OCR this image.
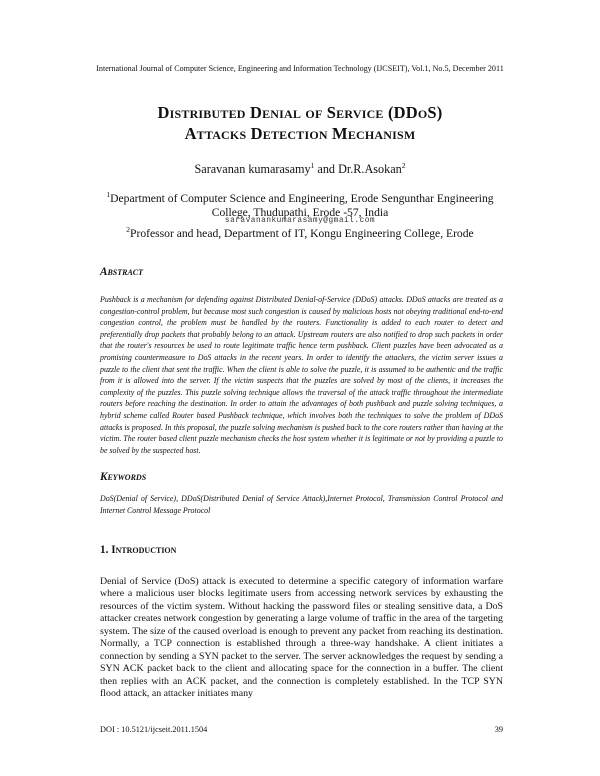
International Journal of Computer Science, Engineering and Information Technology (IJCSEIT), Vol.1, No.5, December 2011
Distributed Denial of Service (DDoS)
Attacks Detection Mechanism
Saravanan kumarasamy$^1$ and Dr.R.Asokan$^2$
$^1$Department of Computer Science and Engineering, Erode Sengunthar Engineering College, Thudupathi, Erode -57, India
saravanankumarasamy@gmail.com
$^2$Professor and head, Department of IT, Kongu Engineering College, Erode
Abstract
Pushback is a mechanism for defending against Distributed Denial-of-Service (DDoS) attacks. DDoS attacks are treated as a congestion-control problem, but because most such congestion is caused by malicious hosts not obeying traditional end-to-end congestion control, the problem must be handled by the routers. Functionality is added to each router to detect and preferentially drop packets that probably belong to an attack. Upstream routers are also notified to drop such packets in order that the router's resources be used to route legitimate traffic hence term pushback. Client puzzles have been advocated as a promising countermeasure to DoS attacks in the recent years. In order to identify the attackers, the victim server issues a puzzle to the client that sent the traffic. When the client is able to solve the puzzle, it is assumed to be authentic and the traffic from it is allowed into the server. If the victim suspects that the puzzles are solved by most of the clients, it increases the complexity of the puzzles. This puzzle solving technique allows the traversal of the attack traffic throughout the intermediate routers before reaching the destination. In order to attain the advantages of both pushback and puzzle solving techniques, a hybrid scheme called Router based Pushback technique, which involves both the techniques to solve the problem of DDoS attacks is proposed. In this proposal, the puzzle solving mechanism is pushed back to the core routers rather than having at the victim. The router based client puzzle mechanism checks the host system whether it is legitimate or not by providing a puzzle to be solved by the suspected host.
Keywords
DoS(Denial of Service), DDoS(Distributed Denial of Service Attack),Internet Protocol, Transmission Control Protocol and Internet Control Message Protocol
1. Introduction
Denial of Service (DoS) attack is executed to determine a specific category of information warfare where a malicious user blocks legitimate users from accessing network services by exhausting the resources of the victim system. Without hacking the password files or stealing sensitive data, a DoS attacker creates network congestion by generating a large volume of traffic in the area of the targeting system. The size of the caused overload is enough to prevent any packet from reaching its destination. Normally, a TCP connection is established through a three-way handshake. A client initiates a connection by sending a SYN packet to the server. The server acknowledges the request by sending a SYN ACK packet back to the client and allocating space for the connection in a buffer. The client then replies with an ACK packet, and the connection is completely established. In the TCP SYN flood attack, an attacker initiates many
DOI : 10.5121/ijcseit.2011.1504	39
